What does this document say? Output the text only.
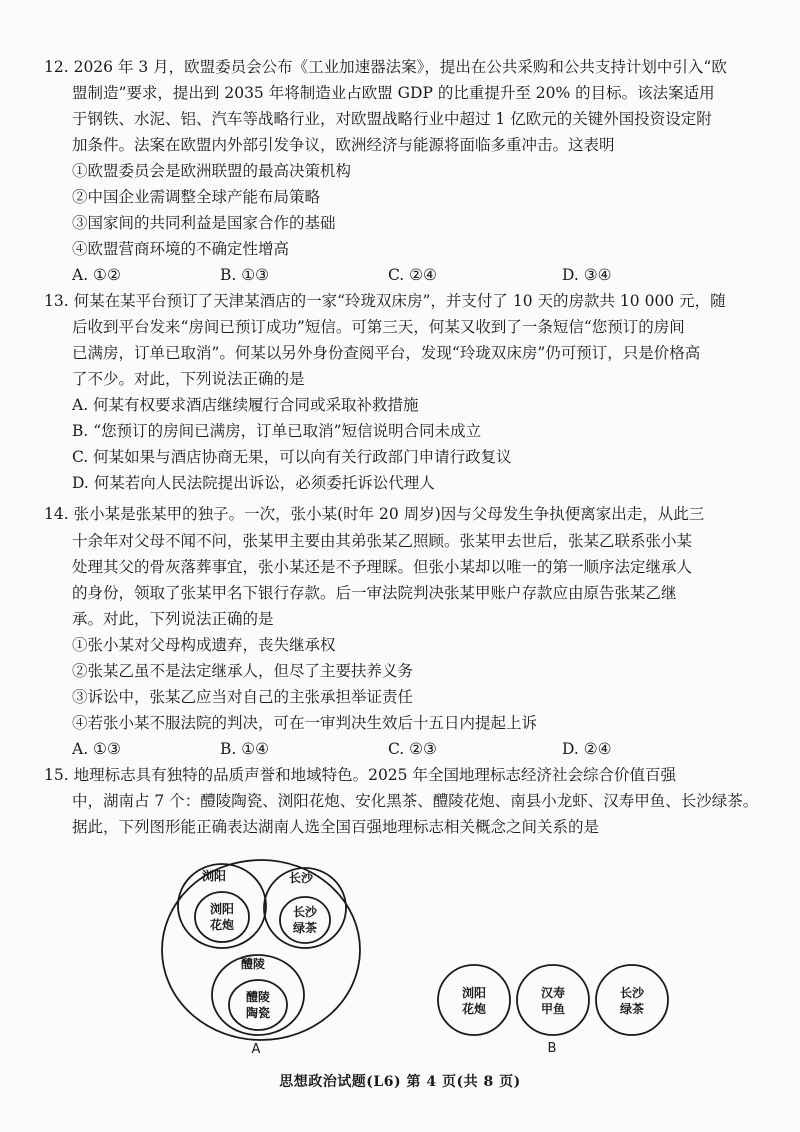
12. 2026 年 3 月，欧盟委员会公布《工业加速器法案》，提出在公共采购和公共支持计划中引入“欧
盟制造”要求，提出到 2035 年将制造业占欧盟 GDP 的比重提升至 20% 的目标。该法案适用
于钢铁、水泥、铝、汽车等战略行业，对欧盟战略行业中超过 1 亿欧元的关键外国投资设定附
加条件。法案在欧盟内外部引发争议，欧洲经济与能源将面临多重冲击。这表明
①欧盟委员会是欧洲联盟的最高决策机构
②中国企业需调整全球产能布局策略
③国家间的共同利益是国家合作的基础
④欧盟营商环境的不确定性增高
A. ①②	B. ①③	C. ②④	D. ③④
13. 何某在某平台预订了天津某酒店的一家“玲珑双床房”，并支付了 10 天的房款共 10 000 元，随
后收到平台发来“房间已预订成功”短信。可第三天，何某又收到了一条短信“您预订的房间
已满房，订单已取消”。何某以另外身份查阅平台，发现“玲珑双床房”仍可预订，只是价格高
了不少。对此，下列说法正确的是
A. 何某有权要求酒店继续履行合同或采取补救措施
B. “您预订的房间已满房，订单已取消”短信说明合同未成立
C. 何某如果与酒店协商无果，可以向有关行政部门申请行政复议
D. 何某若向人民法院提出诉讼，必须委托诉讼代理人
14. 张小某是张某甲的独子。一次，张小某(时年 20 周岁)因与父母发生争执便离家出走，从此三
十余年对父母不闻不问，张某甲主要由其弟张某乙照顾。张某甲去世后，张某乙联系张小某
处理其父的骨灰落葬事宜，张小某还是不予理睬。但张小某却以唯一的第一顺序法定继承人
的身份，领取了张某甲名下银行存款。后一审法院判决张某甲账户存款应由原告张某乙继
承。对此，下列说法正确的是
①张小某对父母构成遗弃，丧失继承权
②张某乙虽不是法定继承人，但尽了主要扶养义务
③诉讼中，张某乙应当对自己的主张承担举证责任
④若张小某不服法院的判决，可在一审判决生效后十五日内提起上诉
A. ①③	B. ①④	C. ②③	D. ②④
15. 地理标志具有独特的品质声誉和地域特色。2025 年全国地理标志经济社会综合价值百强
中，湖南占 7 个：醴陵陶瓷、浏阳花炮、安化黑茶、醴陵花炮、南县小龙虾、汉寿甲鱼、长沙绿茶。
据此，下列图形能正确表达湖南人选全国百强地理标志相关概念之间关系的是
浏阳
浏阳
花炮
长沙
长沙
绿茶
醴陵
醴陵
陶瓷
A
浏阳
花炮
汉寿
甲鱼
长沙
绿茶
B
思想政治试题(L6) 第 4 页(共 8 页)
